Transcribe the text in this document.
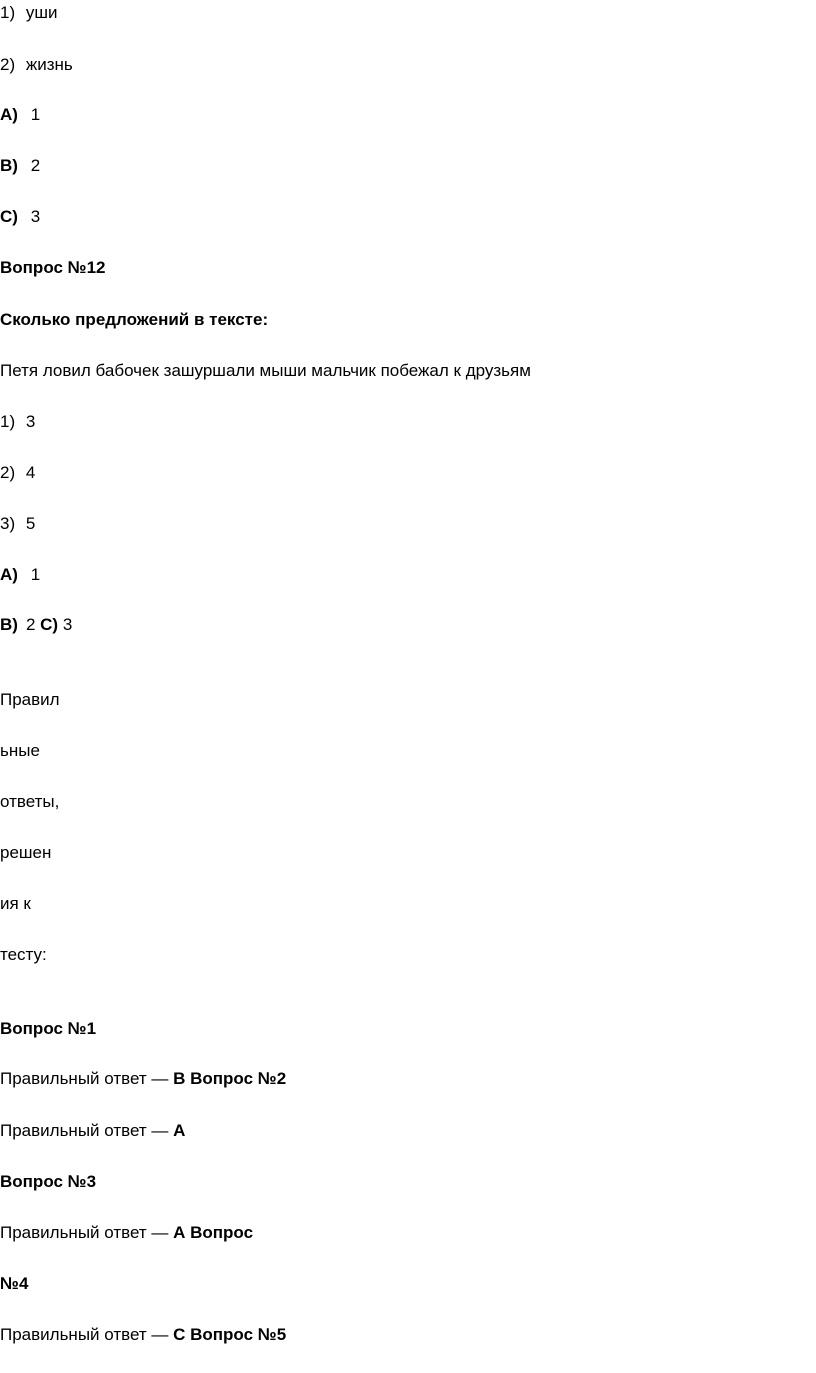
1) уши
2) жизнь
A) 1
B) 2
C) 3
Вопрос №12
Сколько предложений в тексте:
Петя ловил бабочек зашуршали мыши мальчик побежал к друзьям
1) 3
2) 4
3) 5
A) 1
B) 2 C) 3
Правил
ьные
ответы,
решен
ия к
тесту:
Вопрос №1
Правильный ответ — B Вопрос №2
Правильный ответ — А
Вопрос №3
Правильный ответ — А Вопрос
№4
Правильный ответ — С Вопрос №5
